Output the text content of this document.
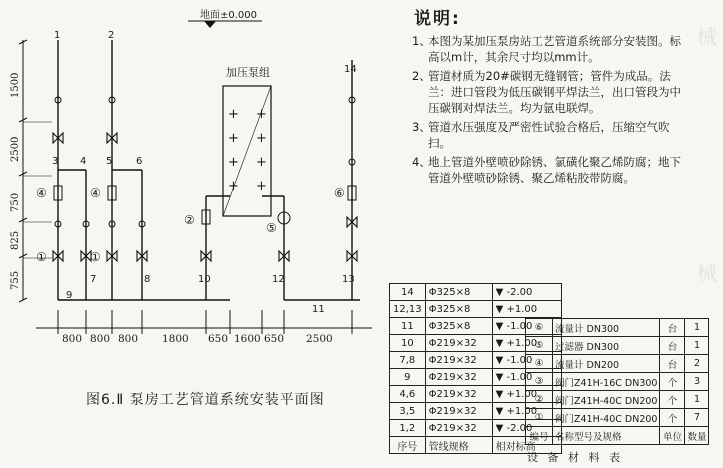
地面±0.000
1500
2500
750
825
755
加压泵组
+ +
+ +
+ +
+ +
1	2
3 4 5 6
7	8
9
10
11
12	13
14
①	①
④	④
②
⑤
⑥
800 800 800 1800 650 1600 650 2500
图6.Ⅱ 泵房工艺管道系统安装平面图
说明:
1、本图为某加压泵房站工艺管道系统部分安装图。标高以m计，其余尺寸均以mm计。
2、管道材质为20#碳钢无缝钢管；管件为成品。法兰：进口管段为低压碳钢平焊法兰，出口管段为中压碳钢对焊法兰。均为氩电联焊。
3、管道水压强度及严密性试验合格后，压缩空气吹扫。
4、地上管道外壁喷砂除锈、氯磺化聚乙烯防腐；地下管道外壁喷砂除锈、聚乙烯粘胶带防腐。
14	Φ325×8	▼ -2.00
12,13	Φ325×8	▼ +1.00
11	Φ325×8	▼ -1.00
10	Φ219×32	▼ +1.00
7,8	Φ219×32	▼ -1.00
9	Φ219×32	▼ -1.00
4,6	Φ219×32	▼ +1.00
3,5	Φ219×32	▼ +1.00
1,2	Φ219×32	▼ -2.00
序号	管线规格	相对标高
⑥	流量计 DN300	台	1
⑤	过滤器 DN300	台	1
④	流量计 DN200	台	2
③	阀门Z41H-16C DN300	个	3
②	阀门Z41H-40C DN200	个	1
①	阀门Z41H-40C DN200	个	7
编号	名称型号及规格	单位	数量
设 备 材 料 表
械
械
